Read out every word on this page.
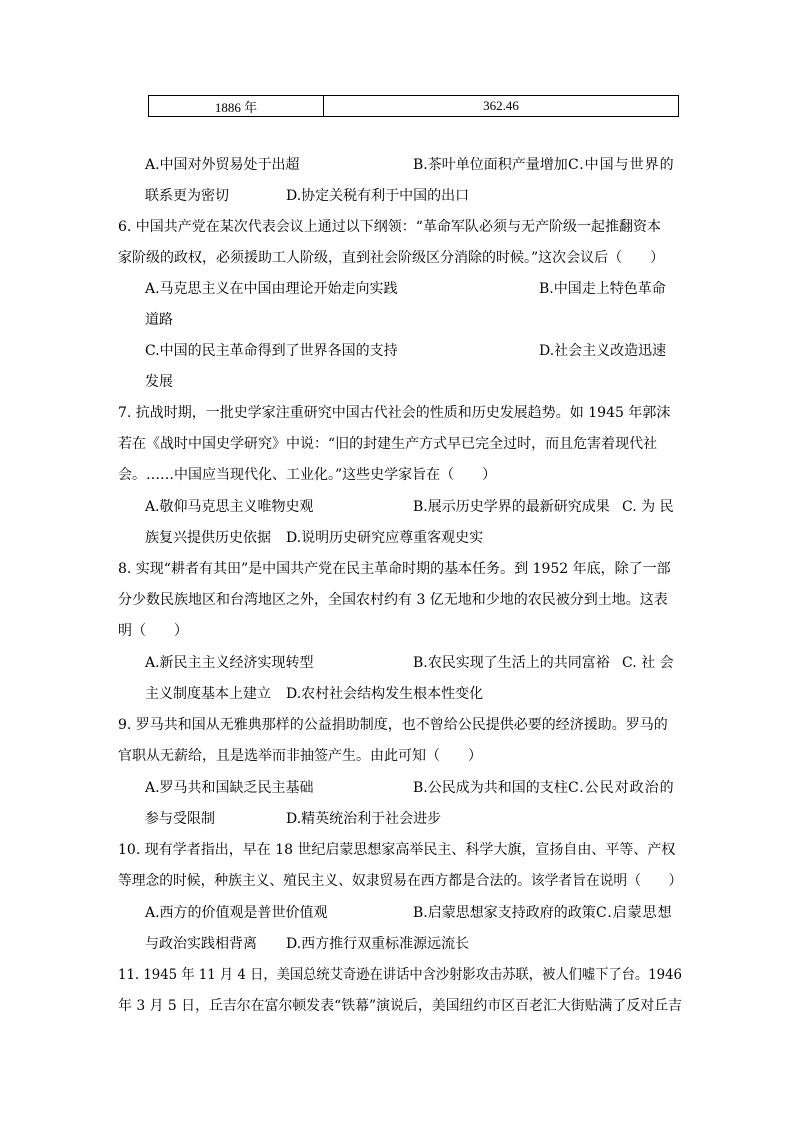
1886 年	362.46
A.中国对外贸易处于出超	B.茶叶单位面积产量增加 C.中国与世界的
联系更为密切	D.协定关税有利于中国的出口
6. 中国共产党在某次代表会议上通过以下纲领：“革命军队必须与无产阶级一起推翻资本
家阶级的政权，必须援助工人阶级，直到社会阶级区分消除的时候。”这次会议后（　　）
A.马克思主义在中国由理论开始走向实践	B.中国走上特色革命
道路
C.中国的民主革命得到了世界各国的支持	D.社会主义改造迅速
发展
7. 抗战时期，一批史学家注重研究中国古代社会的性质和历史发展趋势。如 1945 年郭沫
若在《战时中国史学研究》中说：“旧的封建生产方式早已完全过时，而且危害着现代社
会。……中国应当现代化、工业化。”这些史学家旨在（　　）
A.敬仰马克思主义唯物史观	B.展示历史学界的最新研究成果 C. 为 民
族复兴提供历史依据 D.说明历史研究应尊重客观史实
8. 实现“耕者有其田”是中国共产党在民主革命时期的基本任务。到 1952 年底，除了一部
分少数民族地区和台湾地区之外，全国农村约有 3 亿无地和少地的农民被分到土地。这表
明（　　）
A.新民主主义经济实现转型	B.农民实现了生活上的共同富裕 C. 社 会
主义制度基本上建立 D.农村社会结构发生根本性变化
9. 罗马共和国从无雅典那样的公益捐助制度，也不曾给公民提供必要的经济援助。罗马的
官职从无薪给，且是选举而非抽签产生。由此可知（　　）
A.罗马共和国缺乏民主基础	B.公民成为共和国的支柱 C.公民对政治的
参与受限制	D.精英统治利于社会进步
10. 现有学者指出，早在 18 世纪启蒙思想家高举民主、科学大旗，宣扬自由、平等、产权
等理念的时候，种族主义、殖民主义、奴隶贸易在西方都是合法的。该学者旨在说明（　　）
A.西方的价值观是普世价值观	B.启蒙思想家支持政府的政策 C.启蒙思想
与政治实践相背离 D.西方推行双重标准源远流长
11. 1945 年 11 月 4 日，美国总统艾奇逊在讲话中含沙射影攻击苏联，被人们嘘下了台。1946
年 3 月 5 日，丘吉尔在富尔顿发表“铁幕”演说后，美国纽约市区百老汇大街贴满了反对丘吉
